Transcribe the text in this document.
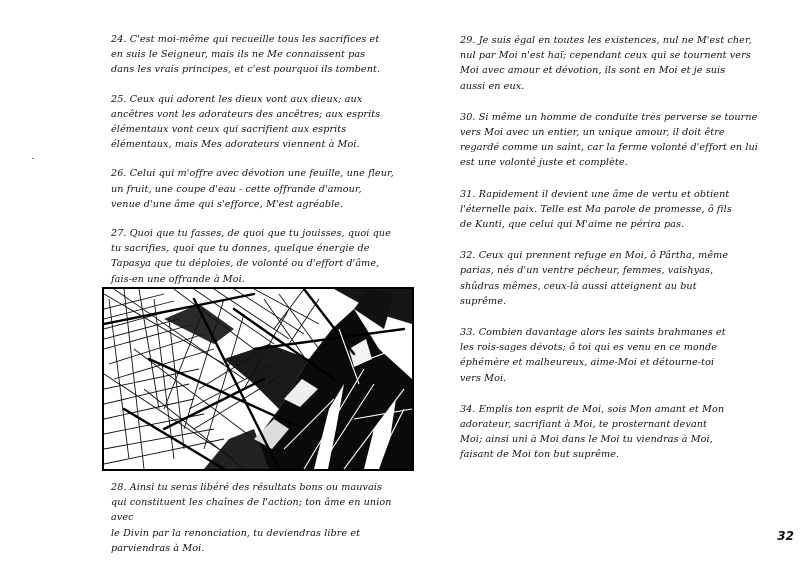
24. C'est moi-même qui recueille tous les sacrifices et
en suis le Seigneur, mais ils ne Me connaissent pas
dans les vrais principes, et c'est pourquoi ils tombent.

25. Ceux qui adorent les dieux vont aux dieux; aux
ancêtres vont les adorateurs des ancêtres; aux esprits
élémentaux vont ceux qui sacrifient aux esprits
élémentaux, mais Mes adorateurs viennent à Moi.

26. Celui qui m'offre avec dévotion une feuille, une fleur,
un fruit, une coupe d'eau - cette offrande d'amour,
venue d'une âme qui s'efforce, M'est agréable.

27. Quoi que tu fasses, de quoi que tu jouisses, quoi que
tu sacrifies, quoi que tu donnes, quelque énergie de
Tapasya que tu déploies, de volonté ou d'effort d'âme,
fais-en une offrande à Moi.

28. Ainsi tu seras libéré des résultats bons ou mauvais
qui constituent les chaînes de l'action; ton âme en union avec
le Divin par la renonciation, tu deviendras libre et
parviendras à Moi.

29. Je suis égal en toutes les existences, nul ne M'est cher,
nul par Moi n'est haï; cependant ceux qui se tournent vers
Moi avec amour et dévotion, ils sont en Moi et je suis
aussi en eux.

30. Si même un homme de conduite très perverse se tourne
vers Moi avec un entier, un unique amour, il doit être
regardé comme un saint, car la ferme volonté d'effort en lui
est une volonté juste et complète.

31. Rapidement il devient une âme de vertu et obtient
l'éternelle paix. Telle est Ma parole de promesse, ô fils
de Kunti, que celui qui M'aime ne périra pas.

32. Ceux qui prennent refuge en Moi, ô Pârtha, même
parias, nés d'un ventre pécheur, femmes, vaishyas,
shûdras mêmes, ceux-là aussi atteignent au but
suprême.

33. Combien davantage alors les saints brahmanes et
les rois-sages dévots; ô toi qui es venu en ce monde
éphémère et malheureux, aime-Moi et détourne-toi
vers Moi.

34. Emplis ton esprit de Moi, sois Mon amant et Mon
adorateur, sacrifiant à Moi, te prosternant devant
Moi; ainsi uni à Moi dans le Moi tu viendras à Moi,
faisant de Moi ton but suprême.

32
